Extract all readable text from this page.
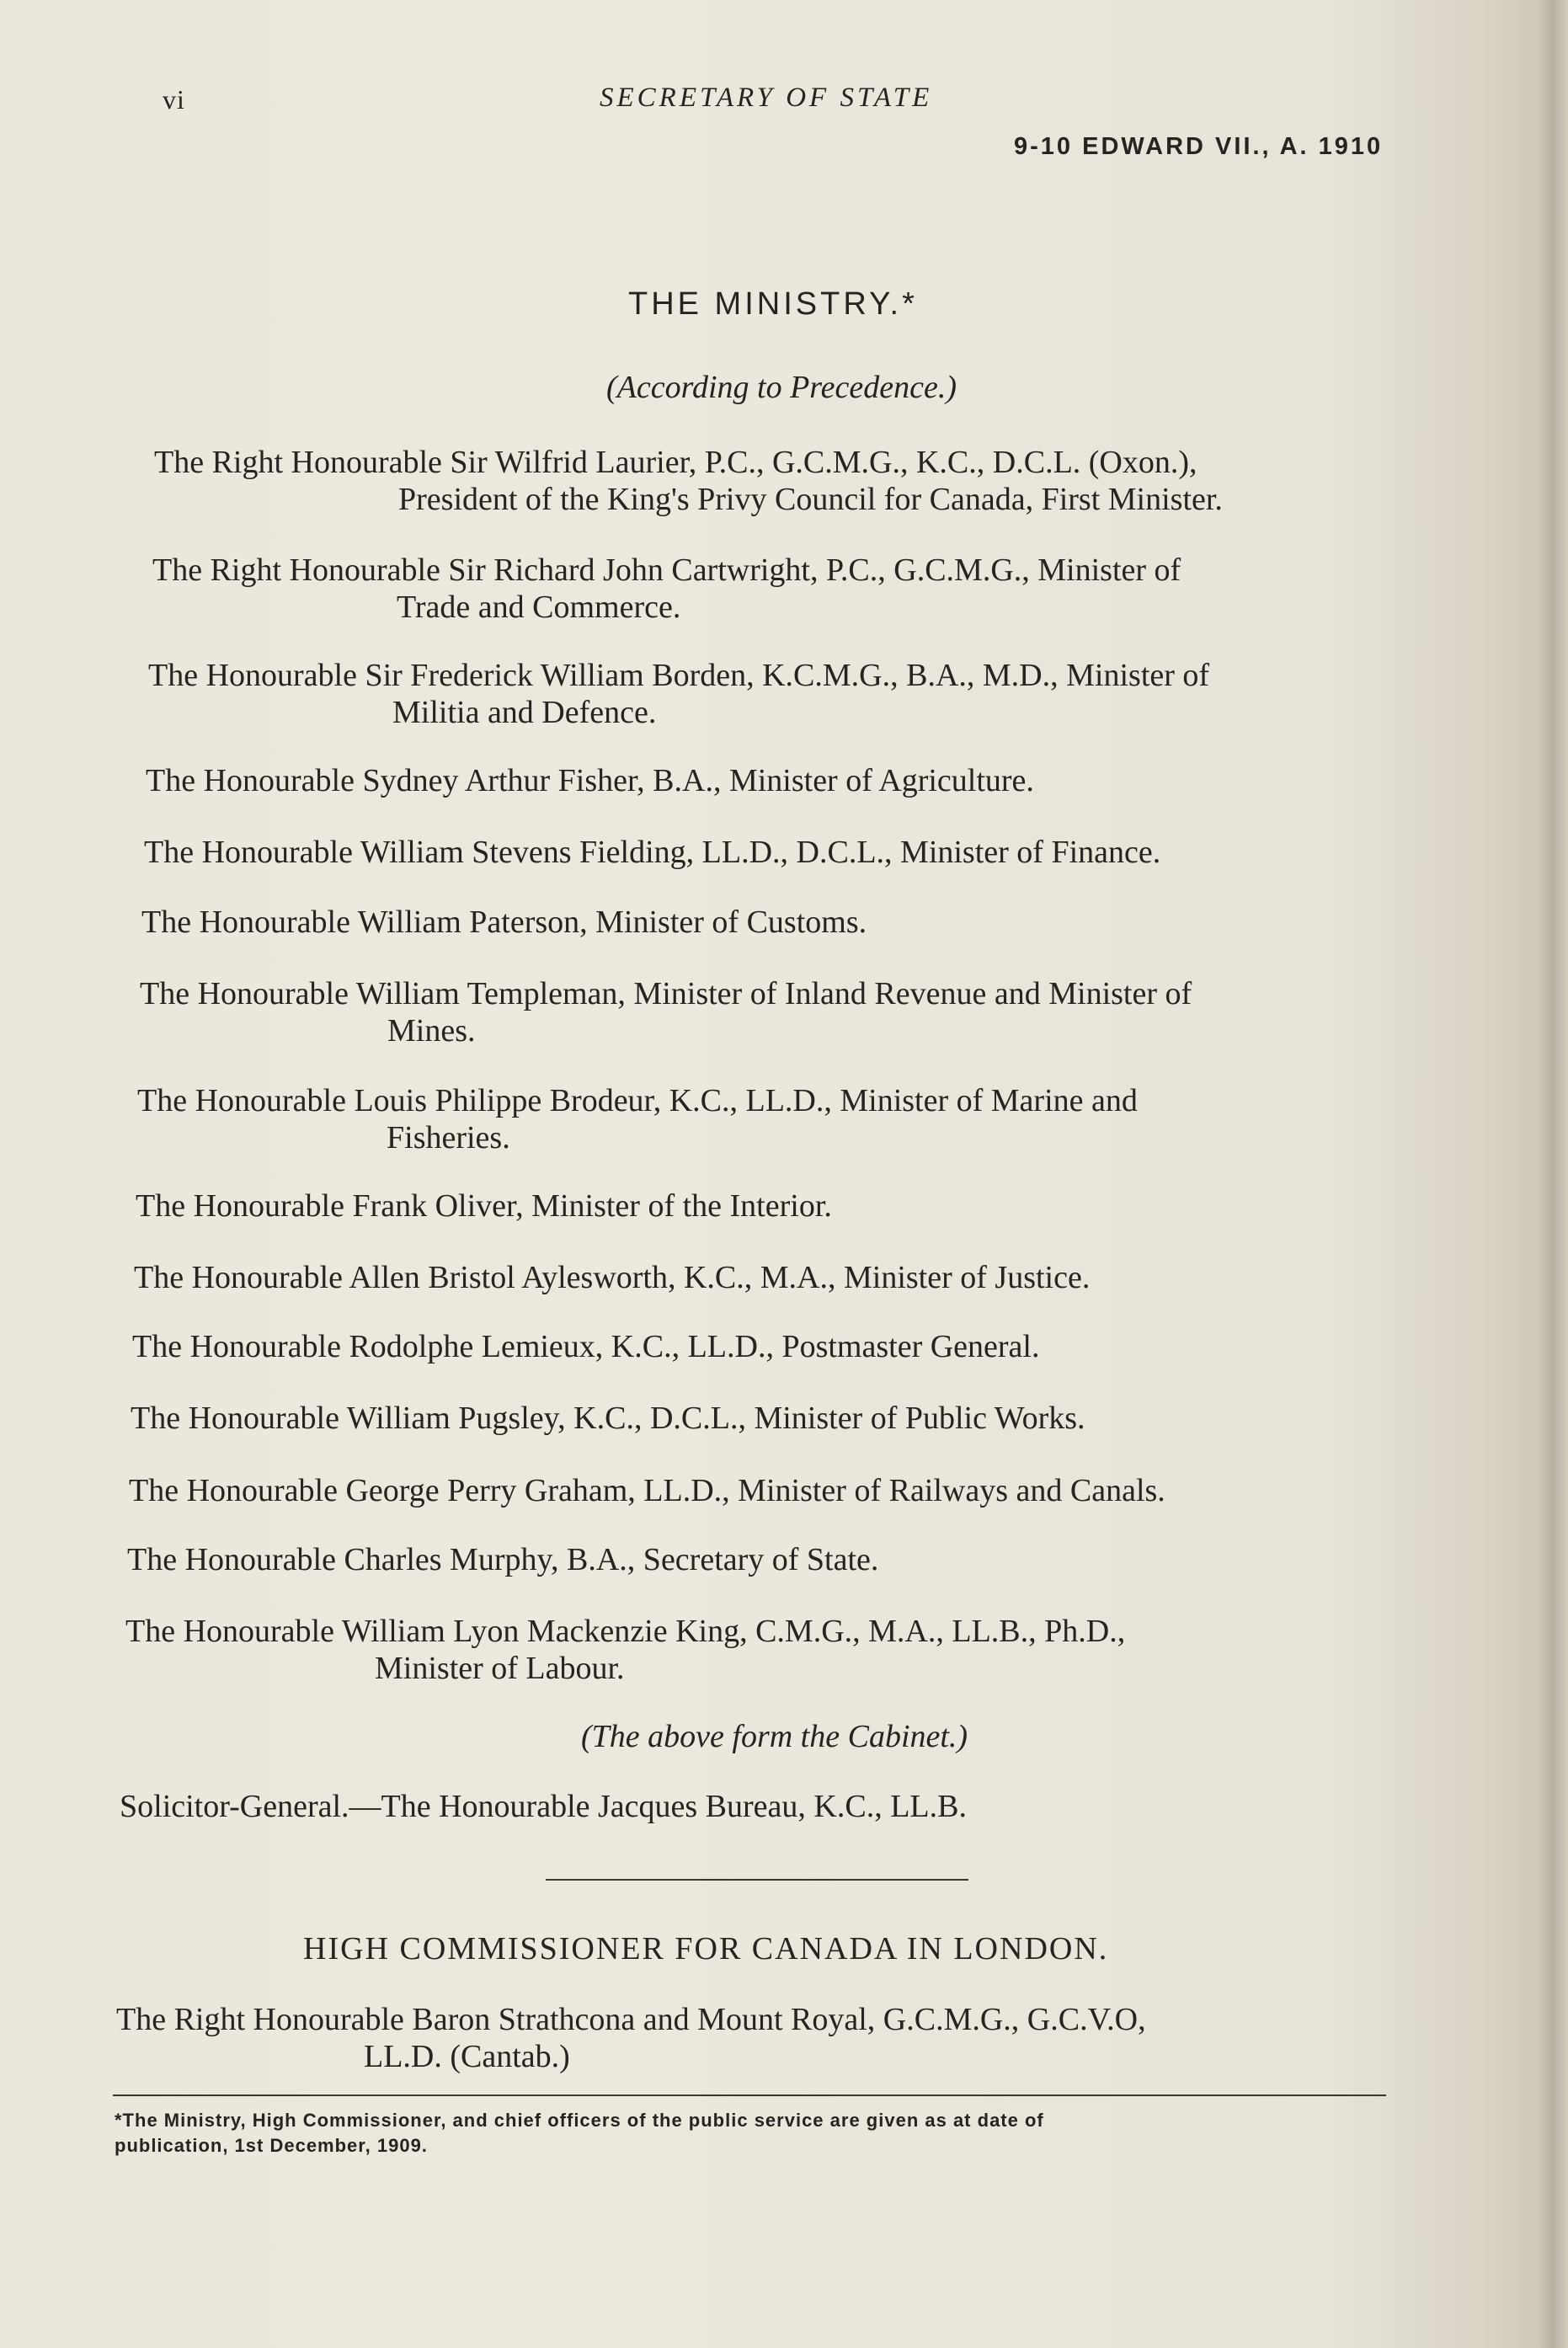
vi	SECRETARY OF STATE
9-10 EDWARD VII., A. 1910
THE MINISTRY.*
(According to Precedence.)
The Right Honourable Sir Wilfrid Laurier, P.C., G.C.M.G., K.C., D.C.L. (Oxon.),
President of the King's Privy Council for Canada, First Minister.
The Right Honourable Sir Richard John Cartwright, P.C., G.C.M.G., Minister of
Trade and Commerce.
The Honourable Sir Frederick William Borden, K.C.M.G., B.A., M.D., Minister of
Militia and Defence.
The Honourable Sydney Arthur Fisher, B.A., Minister of Agriculture.
The Honourable William Stevens Fielding, LL.D., D.C.L., Minister of Finance.
The Honourable William Paterson, Minister of Customs.
The Honourable William Templeman, Minister of Inland Revenue and Minister of
Mines.
The Honourable Louis Philippe Brodeur, K.C., LL.D., Minister of Marine and
Fisheries.
The Honourable Frank Oliver, Minister of the Interior.
The Honourable Allen Bristol Aylesworth, K.C., M.A., Minister of Justice.
The Honourable Rodolphe Lemieux, K.C., LL.D., Postmaster General.
The Honourable William Pugsley, K.C., D.C.L., Minister of Public Works.
The Honourable George Perry Graham, LL.D., Minister of Railways and Canals.
The Honourable Charles Murphy, B.A., Secretary of State.
The Honourable William Lyon Mackenzie King, C.M.G., M.A., LL.B., Ph.D.,
Minister of Labour.
(The above form the Cabinet.)
Solicitor-General.—The Honourable Jacques Bureau, K.C., LL.B.
HIGH COMMISSIONER FOR CANADA IN LONDON.
The Right Honourable Baron Strathcona and Mount Royal, G.C.M.G., G.C.V.O,
LL.D. (Cantab.)
*The Ministry, High Commissioner, and chief officers of the public service are given as at date of
publication, 1st December, 1909.
